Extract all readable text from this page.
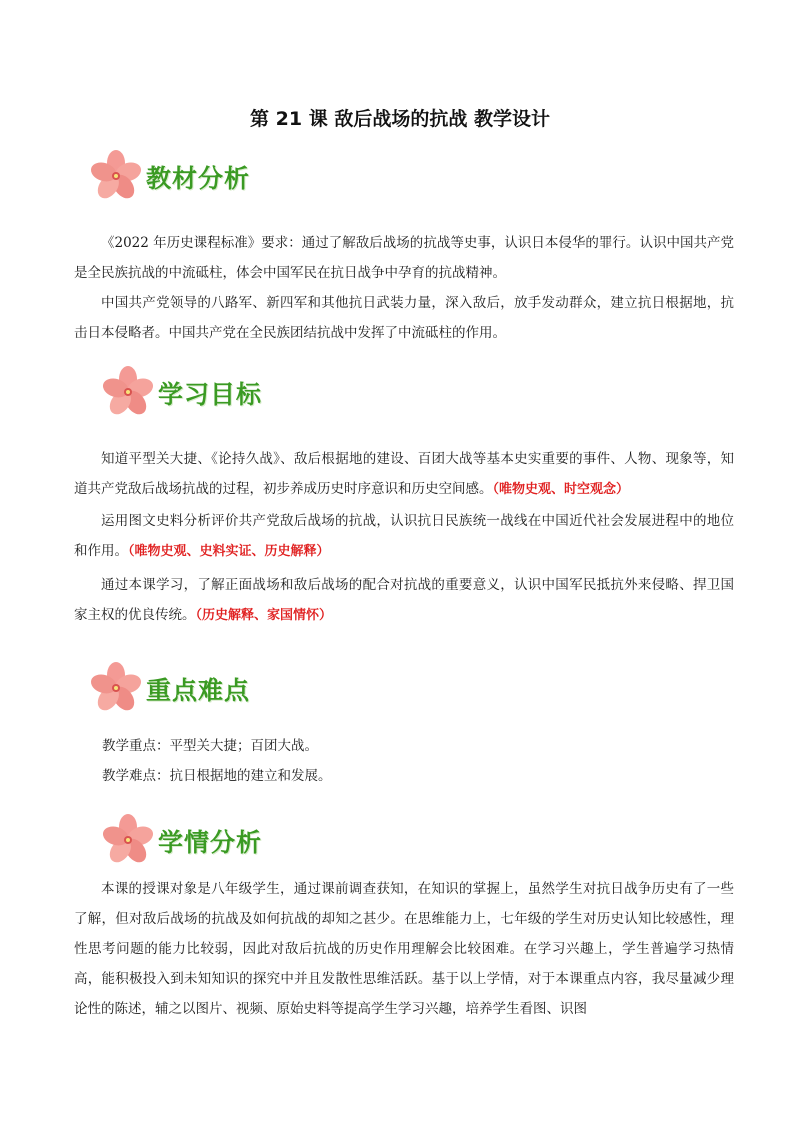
第 21 课 敌后战场的抗战 教学设计
教材分析
《2022 年历史课程标准》要求：通过了解敌后战场的抗战等史事，认识日本侵华的罪行。认识中国共产党是全民族抗战的中流砥柱，体会中国军民在抗日战争中孕育的抗战精神。
中国共产党领导的八路军、新四军和其他抗日武装力量，深入敌后，放手发动群众，建立抗日根据地，抗击日本侵略者。中国共产党在全民族团结抗战中发挥了中流砥柱的作用。
学习目标
知道平型关大捷、《论持久战》、敌后根据地的建设、百团大战等基本史实重要的事件、人物、现象等，知道共产党敌后战场抗战的过程，初步养成历史时序意识和历史空间感。（唯物史观、时空观念）
运用图文史料分析评价共产党敌后战场的抗战，认识抗日民族统一战线在中国近代社会发展进程中的地位和作用。（唯物史观、史料实证、历史解释）
通过本课学习，了解正面战场和敌后战场的配合对抗战的重要意义，认识中国军民抵抗外来侵略、捍卫国家主权的优良传统。（历史解释、家国情怀）
重点难点
教学重点：平型关大捷；百团大战。
教学难点：抗日根据地的建立和发展。
学情分析
本课的授课对象是八年级学生，通过课前调查获知，在知识的掌握上，虽然学生对抗日战争历史有了一些了解，但对敌后战场的抗战及如何抗战的却知之甚少。在思维能力上，七年级的学生对历史认知比较感性，理性思考问题的能力比较弱，因此对敌后抗战的历史作用理解会比较困难。在学习兴趣上，学生普遍学习热情高，能积极投入到未知知识的探究中并且发散性思维活跃。基于以上学情，对于本课重点内容，我尽量减少理论性的陈述，辅之以图片、视频、原始史料等提高学生学习兴趣，培养学生看图、识图
